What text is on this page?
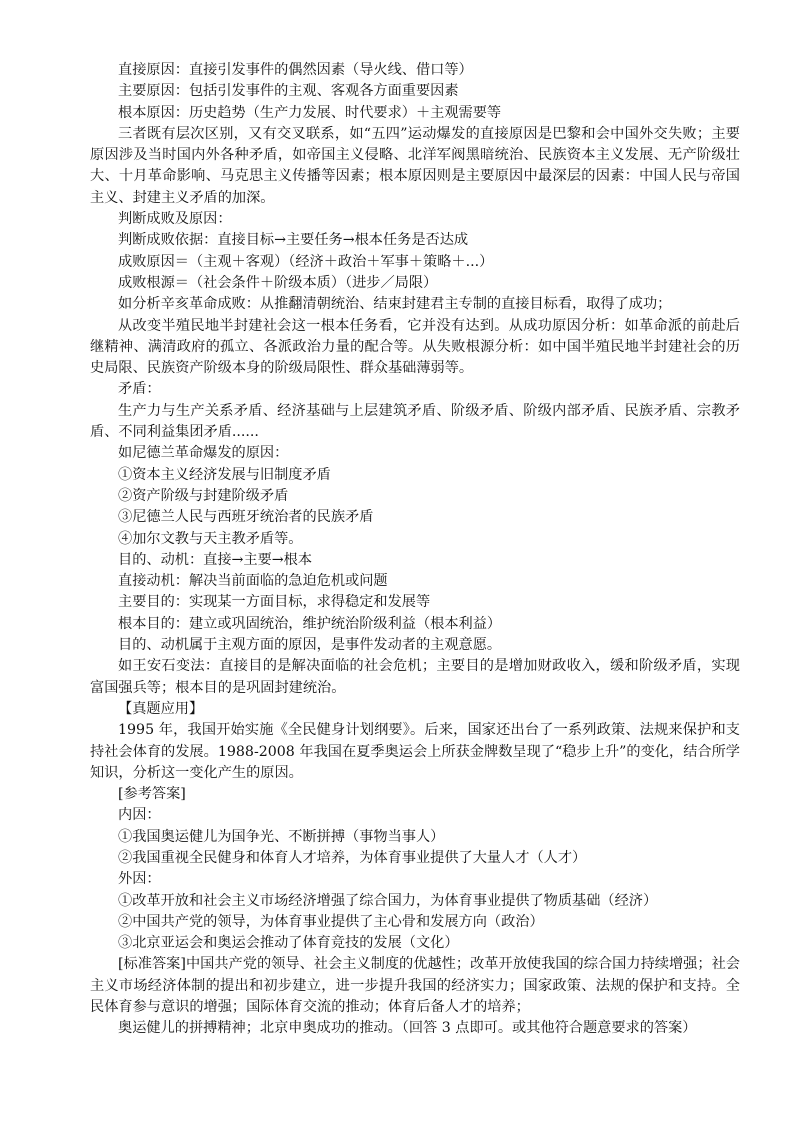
直接原因：直接引发事件的偶然因素（导火线、借口等）

主要原因：包括引发事件的主观、客观各方面重要因素

根本原因：历史趋势（生产力发展、时代要求）＋主观需要等

三者既有层次区别，又有交叉联系，如“五四”运动爆发的直接原因是巴黎和会中国外交失败；主要原因涉及当时国内外各种矛盾，如帝国主义侵略、北洋军阀黑暗统治、民族资本主义发展、无产阶级壮大、十月革命影响、马克思主义传播等因素；根本原因则是主要原因中最深层的因素：中国人民与帝国主义、封建主义矛盾的加深。

判断成败及原因：

判断成败依据：直接目标→主要任务→根本任务是否达成

成败原因＝（主观＋客观）（经济＋政治＋军事＋策略＋...）

成败根源＝（社会条件＋阶级本质）（进步／局限）

如分析辛亥革命成败：从推翻清朝统治、结束封建君主专制的直接目标看，取得了成功；

从改变半殖民地半封建社会这一根本任务看，它并没有达到。从成功原因分析：如革命派的前赴后继精神、满清政府的孤立、各派政治力量的配合等。从失败根源分析：如中国半殖民地半封建社会的历史局限、民族资产阶级本身的阶级局限性、群众基础薄弱等。

矛盾：

生产力与生产关系矛盾、经济基础与上层建筑矛盾、阶级矛盾、阶级内部矛盾、民族矛盾、宗教矛盾、不同利益集团矛盾......

如尼德兰革命爆发的原因：

①资本主义经济发展与旧制度矛盾

②资产阶级与封建阶级矛盾

③尼德兰人民与西班牙统治者的民族矛盾

④加尔文教与天主教矛盾等。

目的、动机：直接→主要→根本

直接动机：解决当前面临的急迫危机或问题

主要目的：实现某一方面目标，求得稳定和发展等

根本目的：建立或巩固统治，维护统治阶级利益（根本利益）

目的、动机属于主观方面的原因，是事件发动者的主观意愿。

如王安石变法：直接目的是解决面临的社会危机；主要目的是增加财政收入，缓和阶级矛盾，实现富国强兵等；根本目的是巩固封建统治。

【真题应用】

1995 年，我国开始实施《全民健身计划纲要》。后来，国家还出台了一系列政策、法规来保护和支持社会体育的发展。1988-2008 年我国在夏季奥运会上所获金牌数呈现了“稳步上升”的变化，结合所学知识，分析这一变化产生的原因。

[参考答案]

内因：

①我国奥运健儿为国争光、不断拼搏（事物当事人）

②我国重视全民健身和体育人才培养，为体育事业提供了大量人才（人才）

外因：

①改革开放和社会主义市场经济增强了综合国力，为体育事业提供了物质基础（经济）

②中国共产党的领导，为体育事业提供了主心骨和发展方向（政治）

③北京亚运会和奥运会推动了体育竞技的发展（文化）

[标准答案]中国共产党的领导、社会主义制度的优越性；改革开放使我国的综合国力持续增强；社会主义市场经济体制的提出和初步建立，进一步提升我国的经济实力；国家政策、法规的保护和支持。全民体育参与意识的增强；国际体育交流的推动；体育后备人才的培养；

奥运健儿的拼搏精神；北京申奥成功的推动。（回答 3 点即可。或其他符合题意要求的答案）
